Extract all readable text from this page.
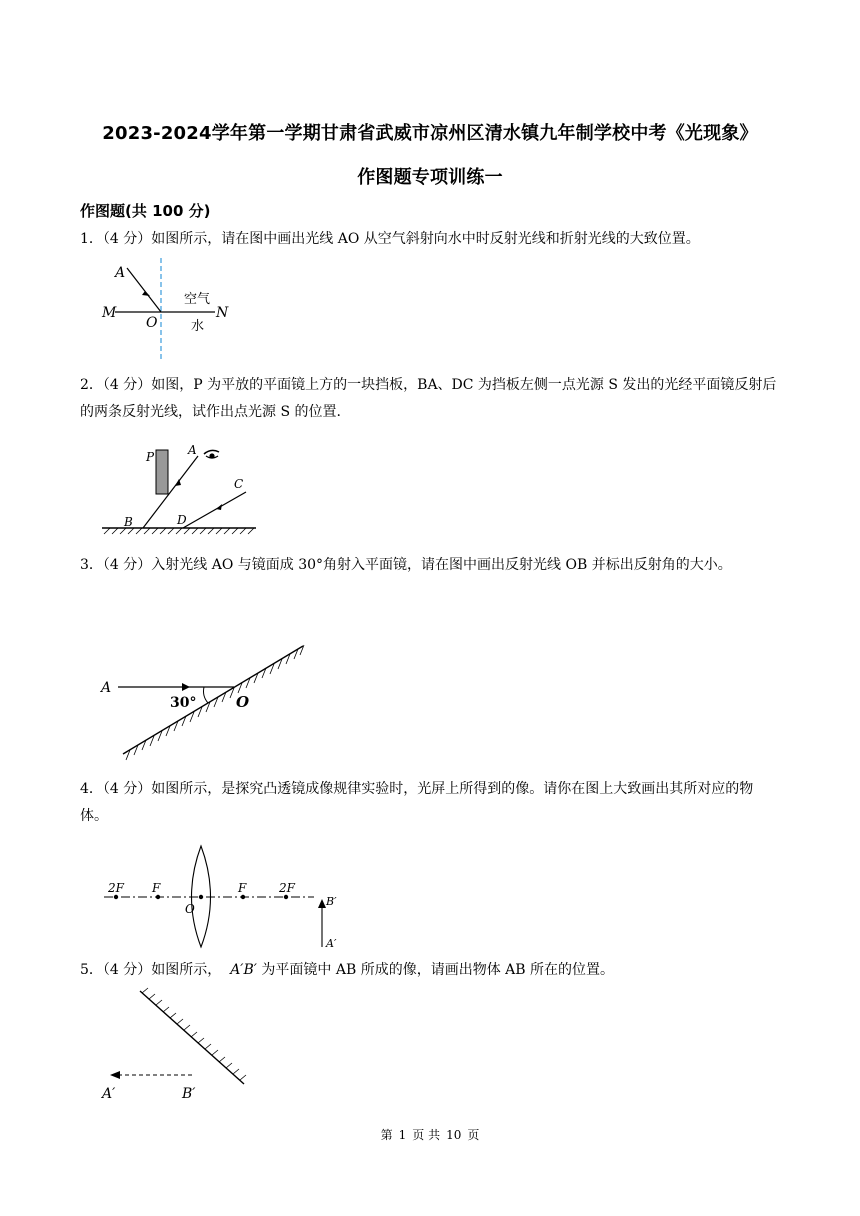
2023-2024学年第一学期甘肃省武威市凉州区清水镇九年制学校中考《光现象》
作图题专项训练一
作图题(共 100 分)
1．（4 分）如图所示，请在图中画出光线 AO 从空气斜射向水中时反射光线和折射光线的大致位置。
A
M
O
N
空气
水
2．（4 分）如图，P 为平放的平面镜上方的一块挡板，BA、DC 为挡板左侧一点光源 S 发出的光经平面镜反射后的两条反射光线，试作出点光源 S 的位置.
P	A
C
B	D
3．（4 分）入射光线 AO 与镜面成 30°角射入平面镜，请在图中画出反射光线 OB 并标出反射角的大小。
A
30°	O
4．（4 分）如图所示，是探究凸透镜成像规律实验时，光屏上所得到的像。请你在图上大致画出其所对应的物体。
2F F
O
F	2F
B′
A′
5．（4 分）如图所示， A′B′ 为平面镜中 AB 所成的像，请画出物体 AB 所在的位置。
A′	B′
第 1 页 共 10 页
